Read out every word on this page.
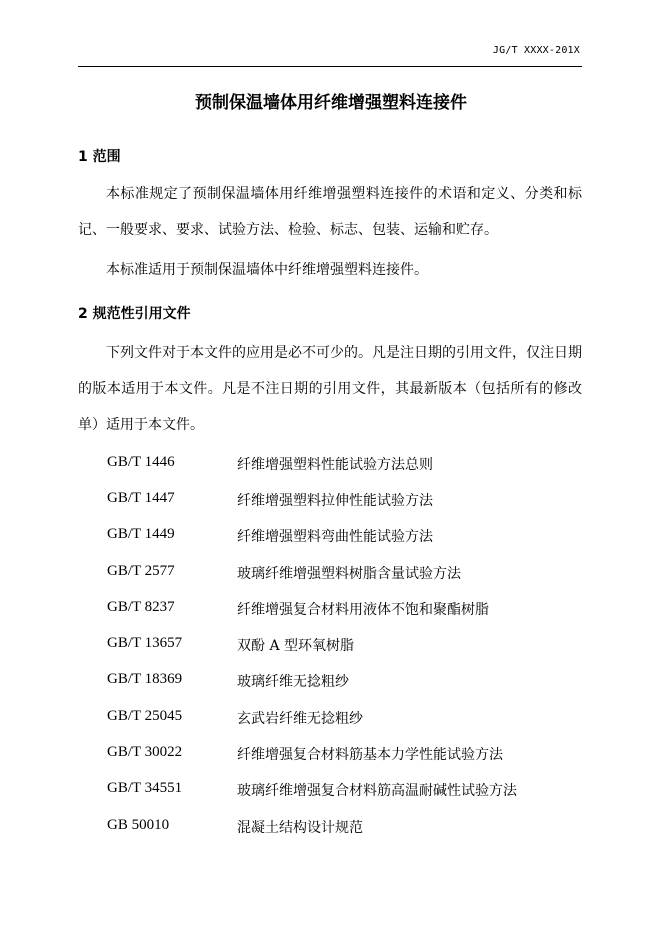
JG/T XXXX-201X
预制保温墙体用纤维增强塑料连接件
1 范围
本标准规定了预制保温墙体用纤维增强塑料连接件的术语和定义、分类和标记、一般要求、要求、试验方法、检验、标志、包装、运输和贮存。
本标准适用于预制保温墙体中纤维增强塑料连接件。
2 规范性引用文件
下列文件对于本文件的应用是必不可少的。凡是注日期的引用文件，仅注日期的版本适用于本文件。凡是不注日期的引用文件，其最新版本（包括所有的修改单）适用于本文件。
GB/T 1446	纤维增强塑料性能试验方法总则
GB/T 1447	纤维增强塑料拉伸性能试验方法
GB/T 1449	纤维增强塑料弯曲性能试验方法
GB/T 2577	玻璃纤维增强塑料树脂含量试验方法
GB/T 8237	纤维增强复合材料用液体不饱和聚酯树脂
GB/T 13657	双酚 A 型环氧树脂
GB/T 18369	玻璃纤维无捻粗纱
GB/T 25045	玄武岩纤维无捻粗纱
GB/T 30022	纤维增强复合材料筋基本力学性能试验方法
GB/T 34551	玻璃纤维增强复合材料筋高温耐碱性试验方法
GB 50010	混凝土结构设计规范
